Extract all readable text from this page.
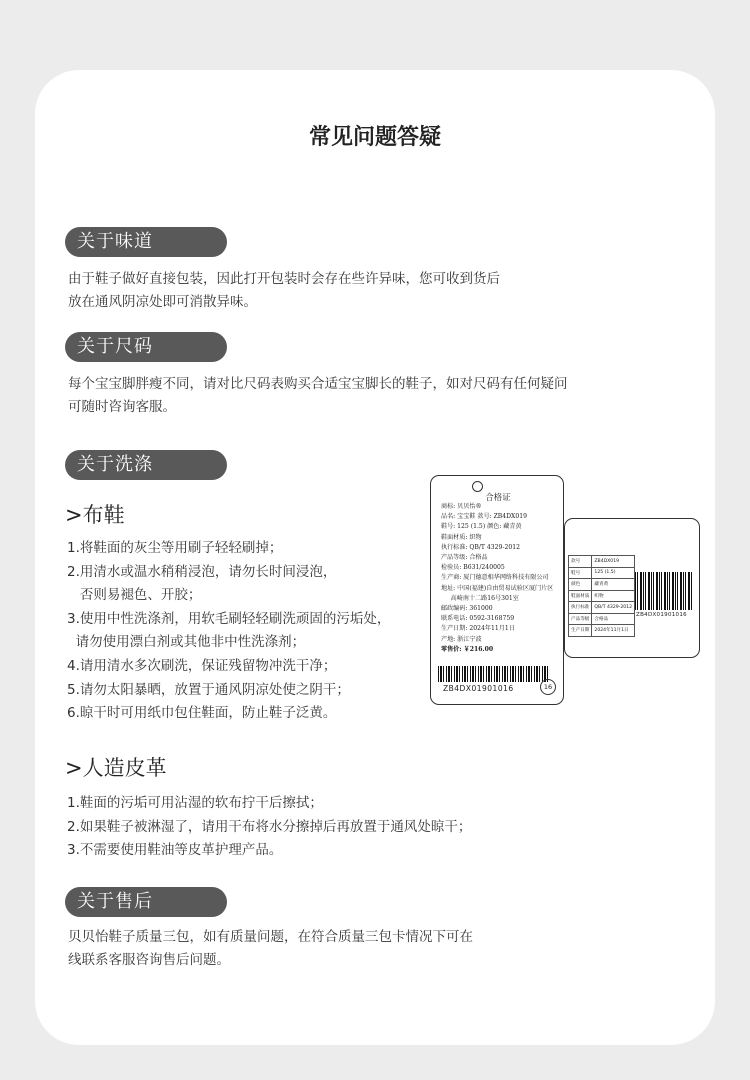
常见问题答疑
关于味道
由于鞋子做好直接包装，因此打开包装时会存在些许异味，您可收到货后
放在通风阴凉处即可消散异味。
关于尺码
每个宝宝脚胖瘦不同，请对比尺码表购买合适宝宝脚长的鞋子，如对尺码有任何疑问
可随时咨询客服。
关于洗涤
>布鞋
1.将鞋面的灰尘等用刷子轻轻刷掉；
2.用清水或温水稍稍浸泡，请勿长时间浸泡，
否则易褪色、开胶；
3.使用中性洗涤剂，用软毛刷轻轻刷洗顽固的污垢处，
请勿使用漂白剂或其他非中性洗涤剂；
4.请用清水多次刷洗，保证残留物冲洗干净；
5.请勿太阳暴晒，放置于通风阴凉处使之阴干；
6.晾干时可用纸巾包住鞋面，防止鞋子泛黄。
>人造皮革
1.鞋面的污垢可用沾湿的软布拧干后擦拭；
2.如果鞋子被淋湿了，请用干布将水分擦掉后再放置于通风处晾干；
3.不需要使用鞋油等皮革护理产品。
关于售后
贝贝怡鞋子质量三包，如有质量问题，在符合质量三包卡情况下可在
线联系客服咨询售后问题。
合格证
商标: 贝贝怡®
品名: 宝宝鞋 款号: ZB4DX019
鞋号: 125 (1.5) 颜色: 藏青黄
鞋面材质: 织物
执行标准: QB/T 4329-2012
产品等级: 合格品
检验员: B631/240005
生产商: 厦门德意相华网络科技有限公司
地址: 中国(福建)自由贸易试验区厦门片区
高崎南十二路16号301室
邮政编码: 361000
联系电话: 0592-3168759
生产日期: 2024年11月1日
产地: 浙江宁波
零售价: ￥216.00
ZB4DX01901016	16
款号	ZB4DX019
鞋号	125 (1.5)
颜色	藏青黄
鞋面材质	织物
执行标准	QB/T 4329-2012
产品等级	合格品
生产日期	2024年11月1日
ZB4DX01901016
